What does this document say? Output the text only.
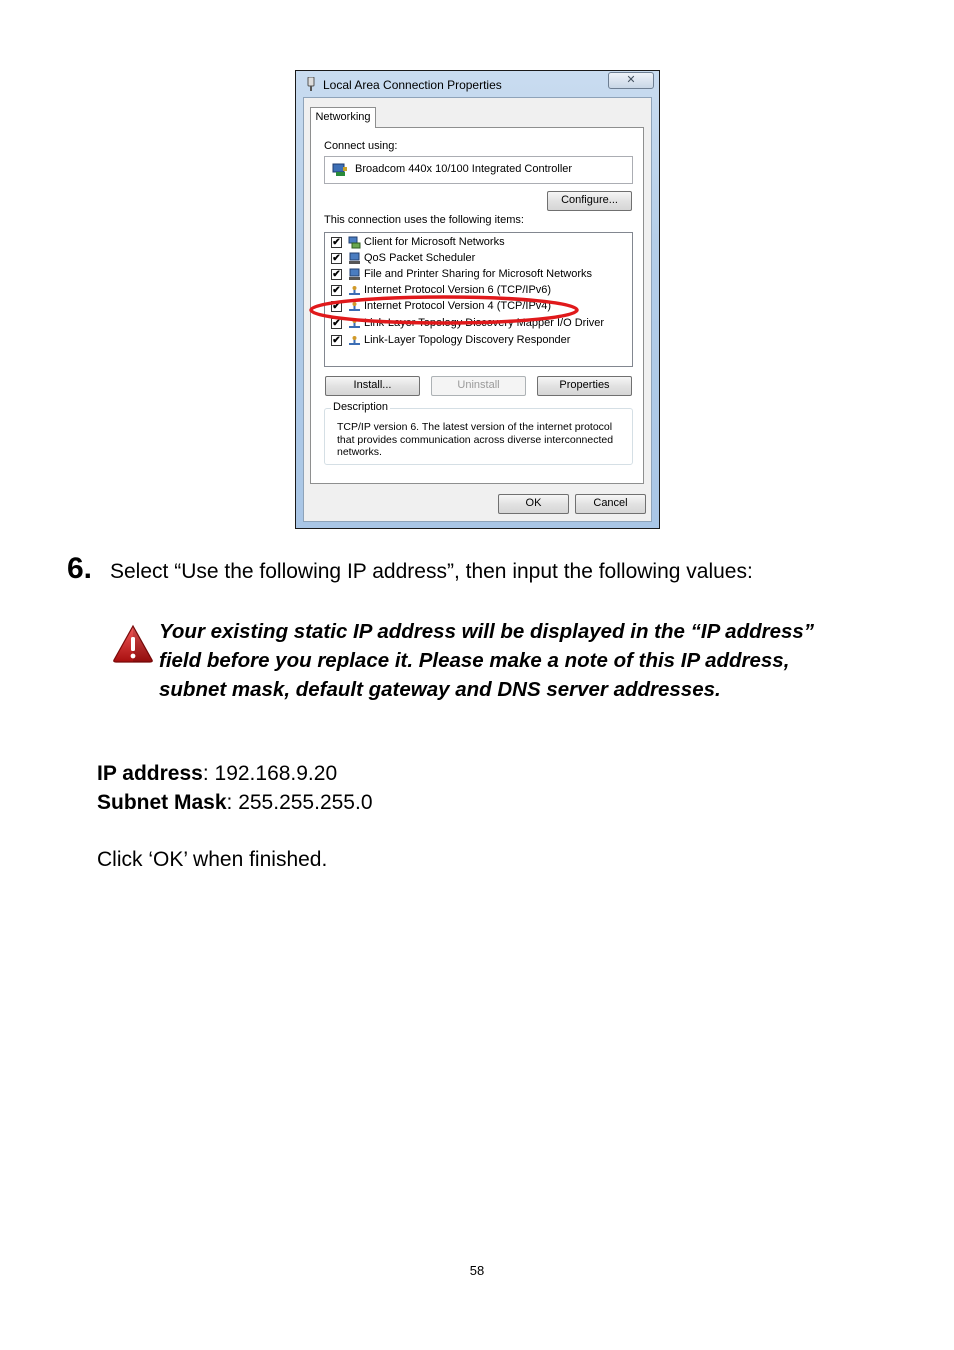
Local Area Connection Properties	✕
Networking
Connect using:
Broadcom 440x 10/100 Integrated Controller
Configure...
This connection uses the following items:
✔ Client for Microsoft Networks
✔ QoS Packet Scheduler
✔ File and Printer Sharing for Microsoft Networks
✔ Internet Protocol Version 6 (TCP/IPv6)
✔ Internet Protocol Version 4 (TCP/IPv4)
✔ Link-Layer Topology Discovery Mapper I/O Driver
✔ Link-Layer Topology Discovery Responder
Install...	Uninstall	Properties
Description
TCP/IP version 6. The latest version of the internet protocol that provides communication across diverse interconnected networks.
OK	Cancel
6. Select “Use the following IP address”, then input the following values:
Your existing static IP address will be displayed in the “IP address” field before you replace it. Please make a note of this IP address, subnet mask, default gateway and DNS server addresses.
IP address: 192.168.9.20
Subnet Mask: 255.255.255.0
Click ‘OK’ when finished.
58
